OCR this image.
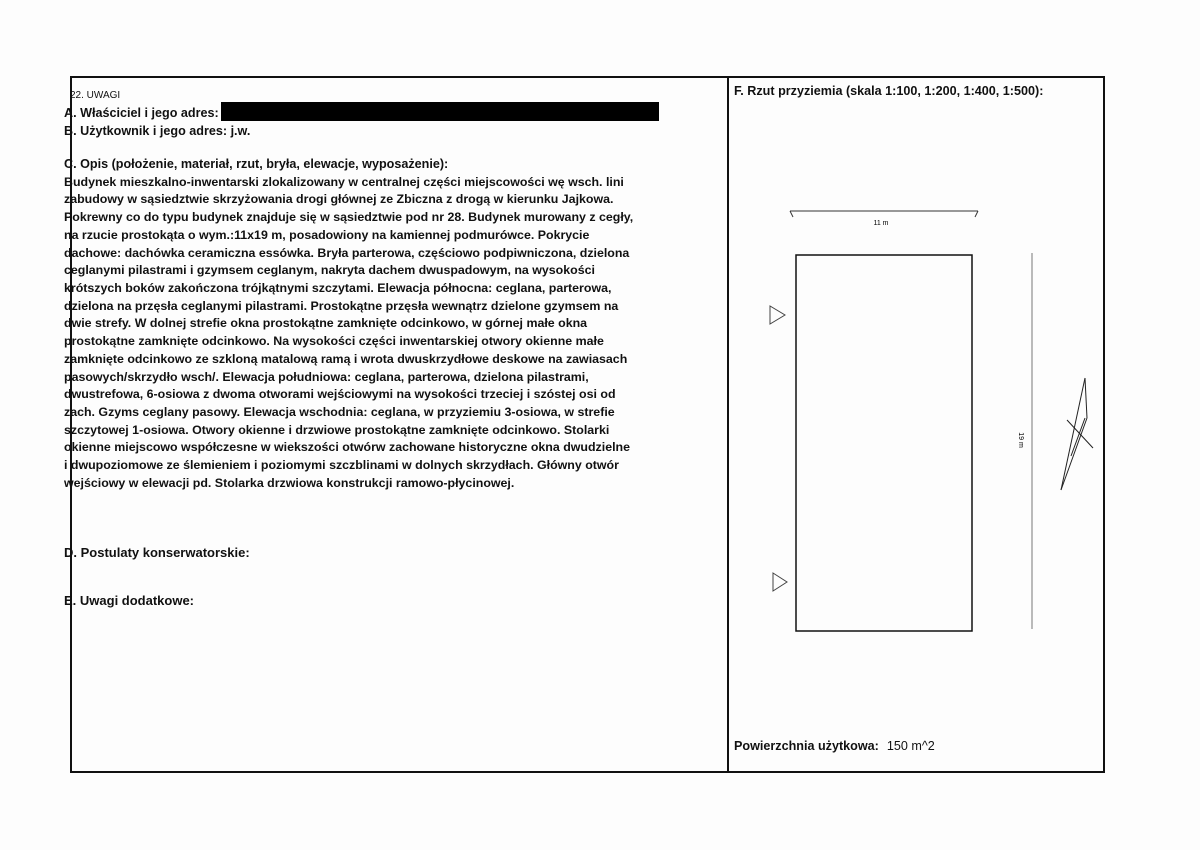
22. UWAGI
A. Właściciel i jego adres:
B. Użytkownik i jego adres: j.w.
C. Opis (położenie, materiał, rzut, bryła, elewacje, wyposażenie):
Budynek mieszkalno-inwentarski zlokalizowany w centralnej części miejscowości wę wsch. lini
zabudowy w sąsiedztwie skrzyżowania drogi głównej ze Zbiczna z drogą w kierunku Jajkowa.
Pokrewny co do typu budynek znajduje się w sąsiedztwie pod nr 28. Budynek murowany z cegły,
na rzucie prostokąta o wym.:11x19 m, posadowiony na kamiennej podmurówce. Pokrycie
dachowe: dachówka ceramiczna essówka. Bryła parterowa, częściowo podpiwniczona, dzielona
ceglanymi pilastrami i gzymsem ceglanym, nakryta dachem dwuspadowym, na wysokości
krótszych boków zakończona trójkątnymi szczytami. Elewacja północna: ceglana, parterowa,
dzielona na przęsła ceglanymi pilastrami. Prostokątne przęsła wewnątrz dzielone gzymsem na
dwie strefy. W dolnej strefie okna prostokątne zamknięte odcinkowo, w górnej małe okna
prostokątne zamknięte odcinkowo. Na wysokości części inwentarskiej otwory okienne małe
zamknięte odcinkowo ze szkloną matalową ramą i wrota dwuskrzydłowe deskowe na zawiasach
pasowych/skrzydło wsch/. Elewacja południowa: ceglana, parterowa, dzielona pilastrami,
dwustrefowa, 6-osiowa z dwoma otworami wejściowymi na wysokości trzeciej i szóstej osi od
zach. Gzyms ceglany pasowy. Elewacja wschodnia: ceglana, w przyziemiu 3-osiowa, w strefie
szczytowej 1-osiowa. Otwory okienne i drzwiowe prostokątne zamknięte odcinkowo. Stolarki
okienne miejscowo współczesne w wiekszości otwórw zachowane historyczne okna dwudzielne
i dwupoziomowe ze ślemieniem i poziomymi szczblinami w dolnych skrzydłach. Główny otwór
wejściowy w elewacji pd. Stolarka drzwiowa konstrukcji ramowo-płycinowej.
D. Postulaty konserwatorskie:
E. Uwagi dodatkowe:
F. Rzut przyziemia (skala 1:100, 1:200, 1:400, 1:500):
11 m
19 m
Powierzchnia użytkowa: 150 m^2
